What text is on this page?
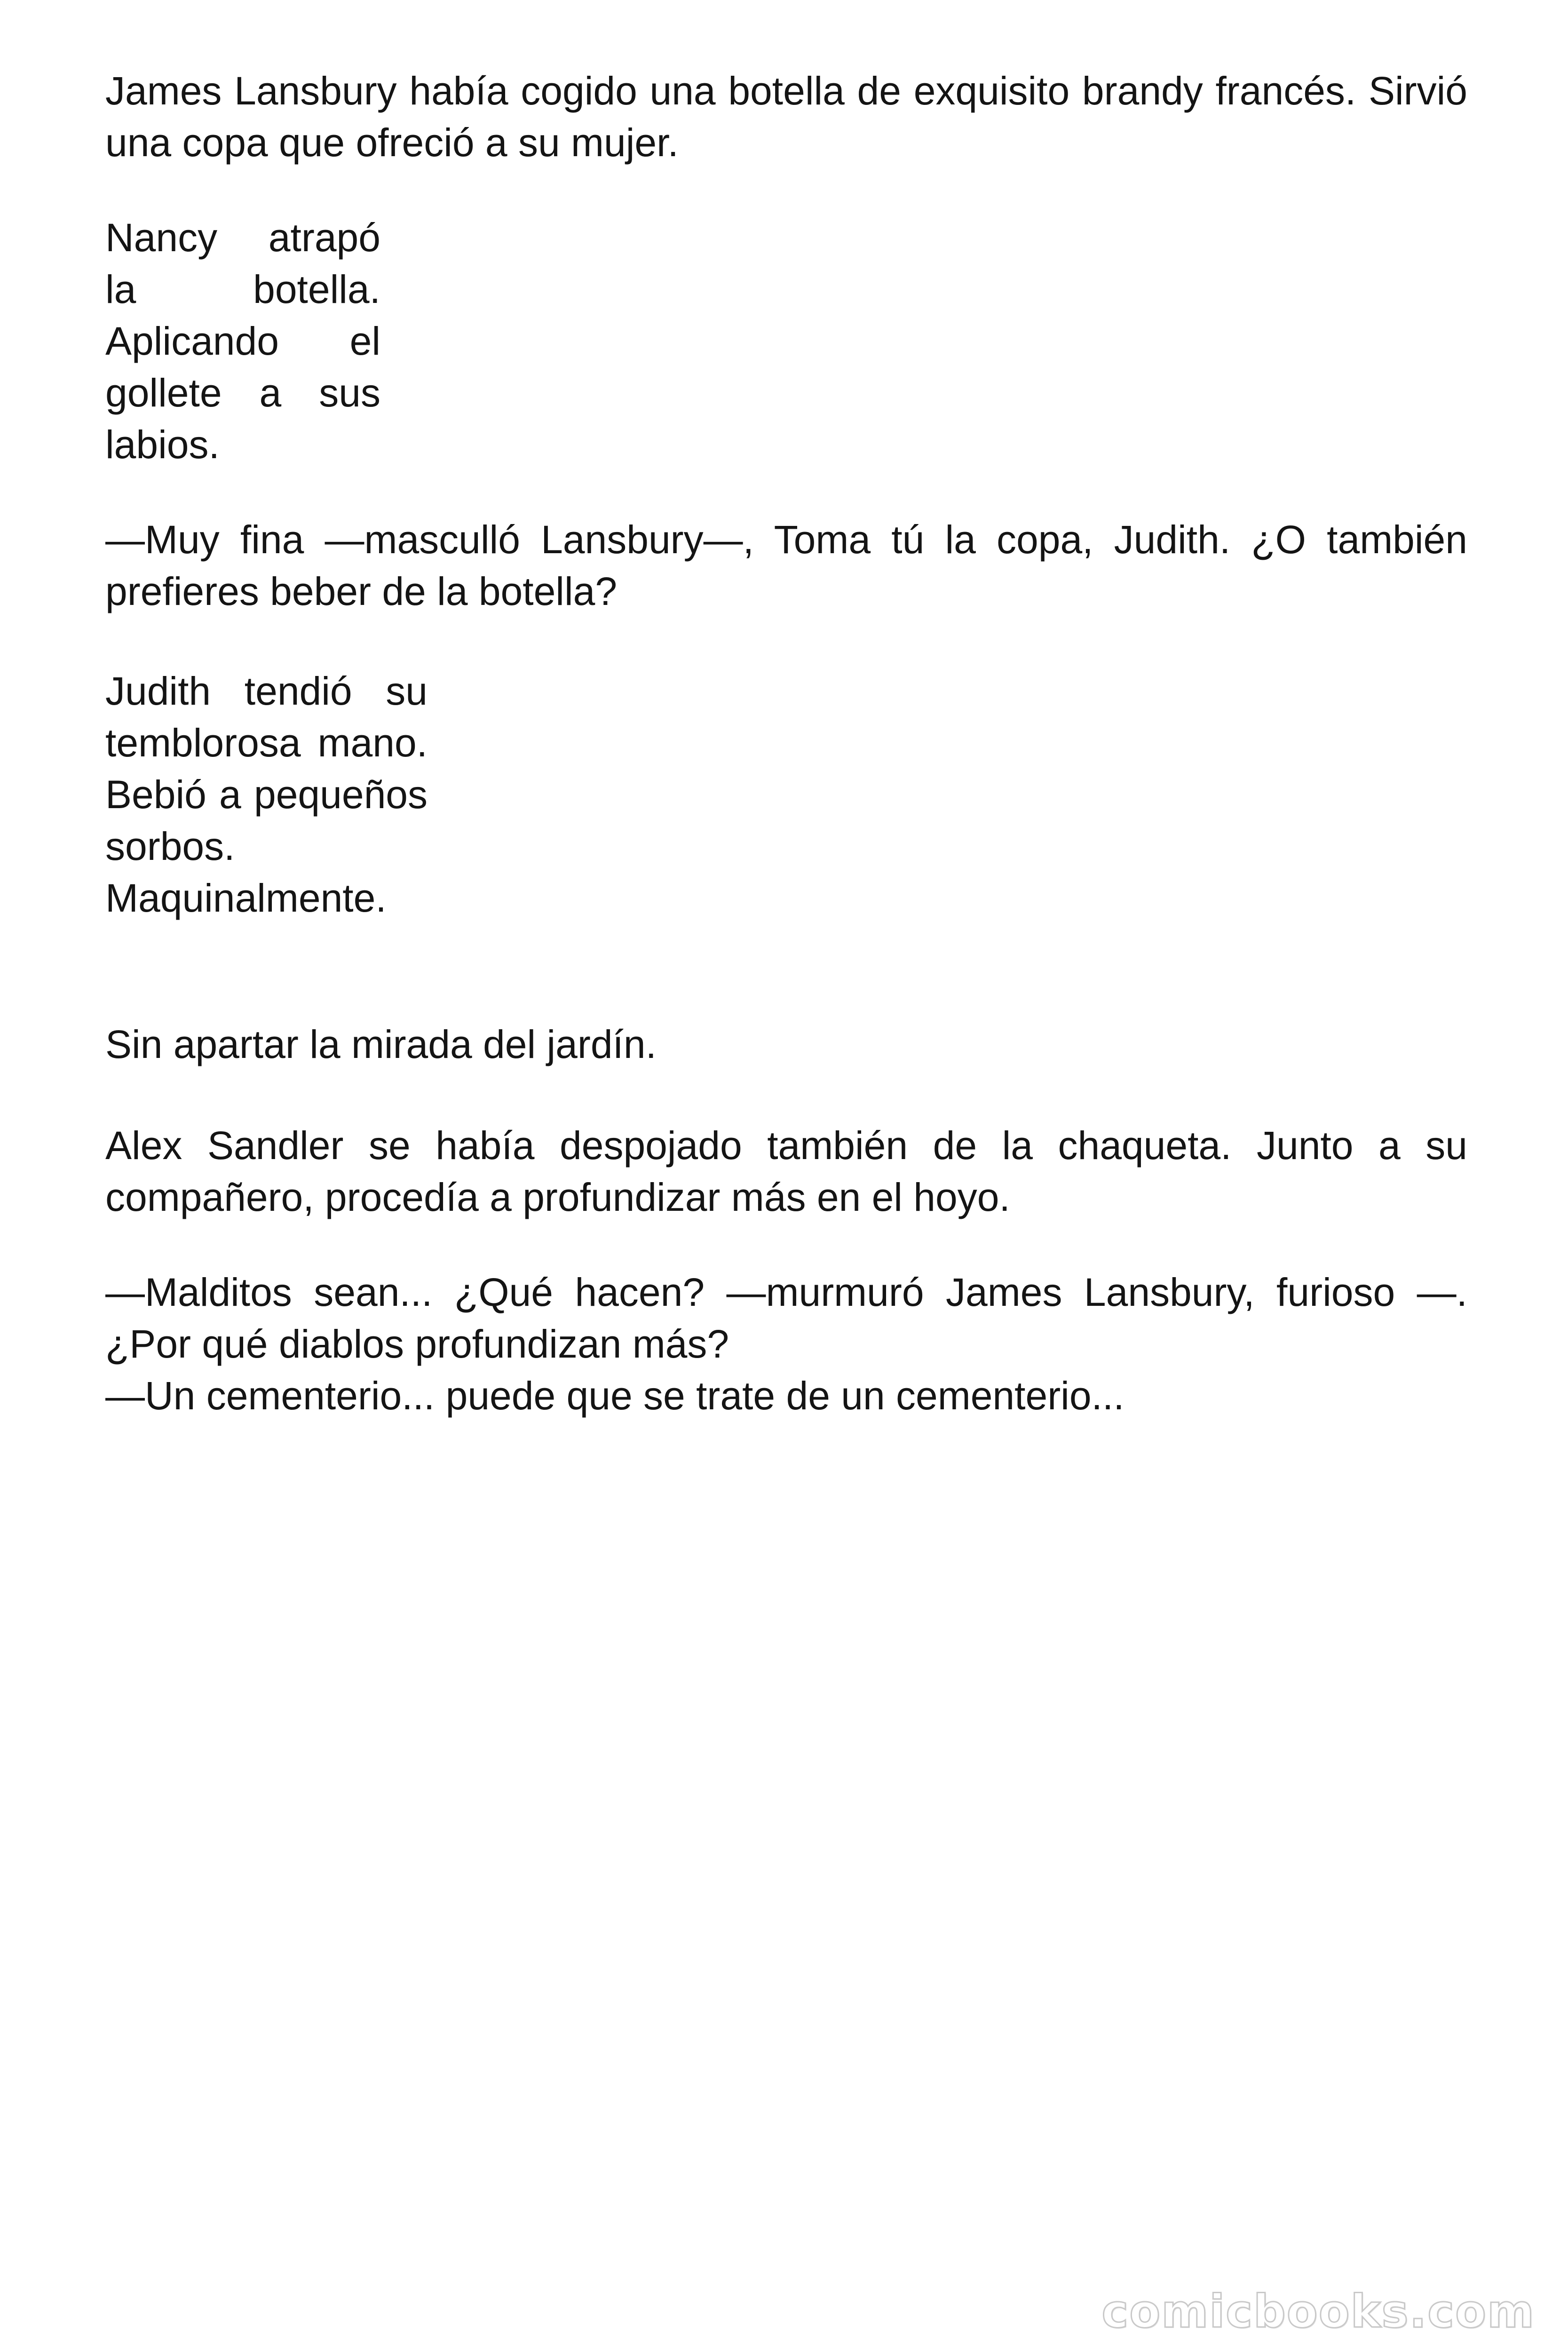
James Lansbury había cogido una botella de exquisito brandy francés. Sirvió una copa que ofreció a su mujer.

Nancy atrapó la botella. Aplicando el gollete a sus labios.

—Muy fina —masculló Lansbury—, Toma tú la copa, Judith. ¿O también prefieres beber de la botella?

Judith tendió su temblorosa mano. Bebió a pequeños sorbos. Maquinalmente.

Sin apartar la mirada del jardín.

Alex Sandler se había despojado también de la chaqueta. Junto a su compañero, procedía a profundizar más en el hoyo.

—Malditos sean... ¿Qué hacen? —murmuró James Lansbury, furioso —. ¿Por qué diablos profundizan más?

—Un cementerio... puede que se trate de un cementerio...

comicbooks.com
